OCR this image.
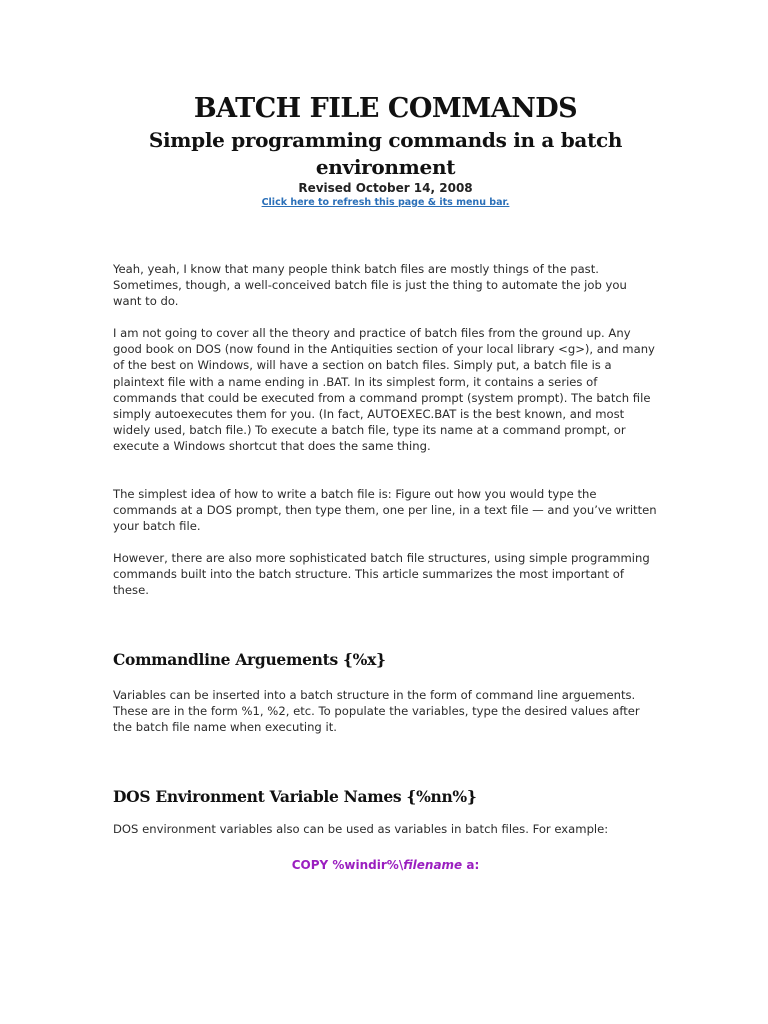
BATCH FILE COMMANDS
Simple programming commands in a batch environment
Revised October 14, 2008
Click here to refresh this page & its menu bar.

Yeah, yeah, I know that many people think batch files are mostly things of the past. Sometimes, though, a well-conceived batch file is just the thing to automate the job you want to do.

I am not going to cover all the theory and practice of batch files from the ground up. Any good book on DOS (now found in the Antiquities section of your local library <g>), and many of the best on Windows, will have a section on batch files. Simply put, a batch file is a plaintext file with a name ending in .BAT. In its simplest form, it contains a series of commands that could be executed from a command prompt (system prompt). The batch file simply autoexecutes them for you. (In fact, AUTOEXEC.BAT is the best known, and most widely used, batch file.) To execute a batch file, type its name at a command prompt, or execute a Windows shortcut that does the same thing.

The simplest idea of how to write a batch file is: Figure out how you would type the commands at a DOS prompt, then type them, one per line, in a text file — and you’ve written your batch file.

However, there are also more sophisticated batch file structures, using simple programming commands built into the batch structure. This article summarizes the most important of these.

Commandline Arguements {%x}

Variables can be inserted into a batch structure in the form of command line arguements. These are in the form %1, %2, etc. To populate the variables, type the desired values after the batch file name when executing it.

DOS Environment Variable Names {%nn%}

DOS environment variables also can be used as variables in batch files. For example:

COPY %windir%\filename a:
